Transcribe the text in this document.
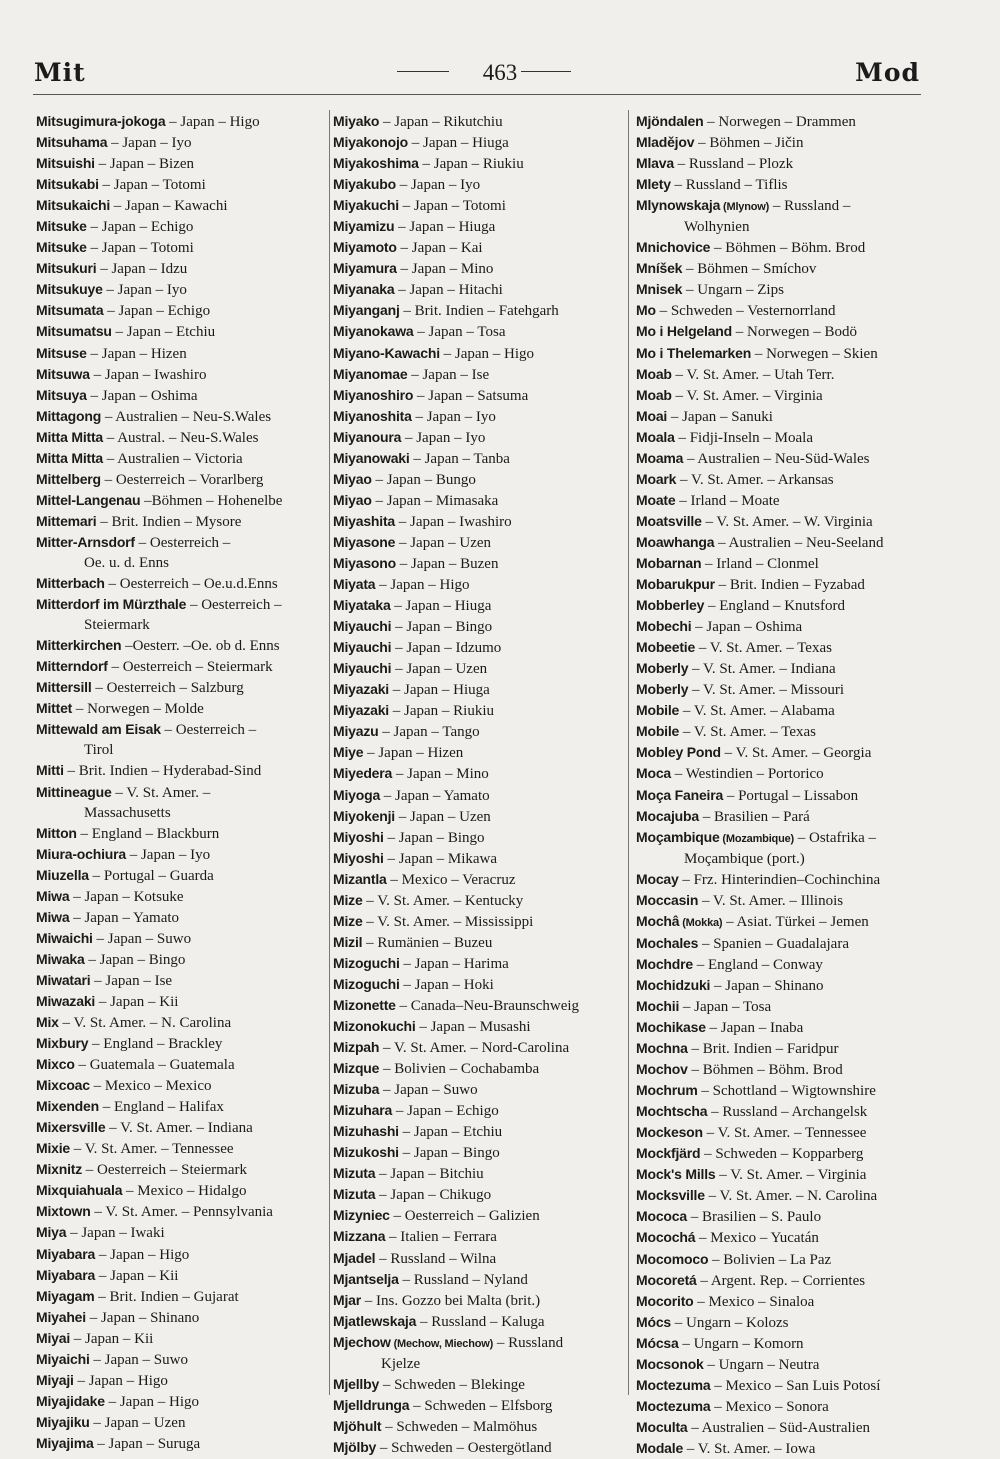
Mit	463	Mod
Mitsugimura-jokoga – Japan – Higo
Mitsuhama – Japan – Iyo
Mitsuishi – Japan – Bizen
Mitsukabi – Japan – Totomi
Mitsukaichi – Japan – Kawachi
Mitsuke – Japan – Echigo
Mitsuke – Japan – Totomi
Mitsukuri – Japan – Idzu
Mitsukuye – Japan – Iyo
Mitsumata – Japan – Echigo
Mitsumatsu – Japan – Etchiu
Mitsuse – Japan – Hizen
Mitsuwa – Japan – Iwashiro
Mitsuya – Japan – Oshima
Mittagong – Australien – Neu-S.Wales
Mitta Mitta – Austral. – Neu-S.Wales
Mitta Mitta – Australien – Victoria
Mittelberg – Oesterreich – Vorarlberg
Mittel-Langenau –Böhmen – Hohenelbe
Mittemari – Brit. Indien – Mysore
Mitter-Arnsdorf – Oesterreich –
Oe. u. d. Enns
Mitterbach – Oesterreich – Oe.u.d.Enns
Mitterdorf im Mürzthale – Oesterreich –
Steiermark
Mitterkirchen –Oesterr. –Oe. ob d. Enns
Mitterndorf – Oesterreich – Steiermark
Mittersill – Oesterreich – Salzburg
Mittet – Norwegen – Molde
Mittewald am Eisak – Oesterreich –
Tirol
Mitti – Brit. Indien – Hyderabad-Sind
Mittineague – V. St. Amer. –
Massachusetts
Mitton – England – Blackburn
Miura-ochiura – Japan – Iyo
Miuzella – Portugal – Guarda
Miwa – Japan – Kotsuke
Miwa – Japan – Yamato
Miwaichi – Japan – Suwo
Miwaka – Japan – Bingo
Miwatari – Japan – Ise
Miwazaki – Japan – Kii
Mix – V. St. Amer. – N. Carolina
Mixbury – England – Brackley
Mixco – Guatemala – Guatemala
Mixcoac – Mexico – Mexico
Mixenden – England – Halifax
Mixersville – V. St. Amer. – Indiana
Mixie – V. St. Amer. – Tennessee
Mixnitz – Oesterreich – Steiermark
Mixquiahuala – Mexico – Hidalgo
Mixtown – V. St. Amer. – Pennsylvania
Miya – Japan – Iwaki
Miyabara – Japan – Higo
Miyabara – Japan – Kii
Miyagam – Brit. Indien – Gujarat
Miyahei – Japan – Shinano
Miyai – Japan – Kii
Miyaichi – Japan – Suwo
Miyaji – Japan – Higo
Miyajidake – Japan – Higo
Miyajiku – Japan – Uzen
Miyajima – Japan – Suruga
Miyako – Japan – Rikutchiu
Miyakonojo – Japan – Hiuga
Miyakoshima – Japan – Riukiu
Miyakubo – Japan – Iyo
Miyakuchi – Japan – Totomi
Miyamizu – Japan – Hiuga
Miyamoto – Japan – Kai
Miyamura – Japan – Mino
Miyanaka – Japan – Hitachi
Miyanganj – Brit. Indien – Fatehgarh
Miyanokawa – Japan – Tosa
Miyano-Kawachi – Japan – Higo
Miyanomae – Japan – Ise
Miyanoshiro – Japan – Satsuma
Miyanoshita – Japan – Iyo
Miyanoura – Japan – Iyo
Miyanowaki – Japan – Tanba
Miyao – Japan – Bungo
Miyao – Japan – Mimasaka
Miyashita – Japan – Iwashiro
Miyasone – Japan – Uzen
Miyasono – Japan – Buzen
Miyata – Japan – Higo
Miyataka – Japan – Hiuga
Miyauchi – Japan – Bingo
Miyauchi – Japan – Idzumo
Miyauchi – Japan – Uzen
Miyazaki – Japan – Hiuga
Miyazaki – Japan – Riukiu
Miyazu – Japan – Tango
Miye – Japan – Hizen
Miyedera – Japan – Mino
Miyoga – Japan – Yamato
Miyokenji – Japan – Uzen
Miyoshi – Japan – Bingo
Miyoshi – Japan – Mikawa
Mizantla – Mexico – Veracruz
Mize – V. St. Amer. – Kentucky
Mize – V. St. Amer. – Mississippi
Mizil – Rumänien – Buzeu
Mizoguchi – Japan – Harima
Mizoguchi – Japan – Hoki
Mizonette – Canada–Neu-Braunschweig
Mizonokuchi – Japan – Musashi
Mizpah – V. St. Amer. – Nord-Carolina
Mizque – Bolivien – Cochabamba
Mizuba – Japan – Suwo
Mizuhara – Japan – Echigo
Mizuhashi – Japan – Etchiu
Mizukoshi – Japan – Bingo
Mizuta – Japan – Bitchiu
Mizuta – Japan – Chikugo
Mizyniec – Oesterreich – Galizien
Mizzana – Italien – Ferrara
Mjadel – Russland – Wilna
Mjantselja – Russland – Nyland
Mjar – Ins. Gozzo bei Malta (brit.)
Mjatlewskaja – Russland – Kaluga
Mjechow (Mechow, Miechow) – Russland
Kjelze
Mjellby – Schweden – Blekinge
Mjelldrunga – Schweden – Elfsborg
Mjöhult – Schweden – Malmöhus
Mjölby – Schweden – Oestergötland
Mjöndalen – Norwegen – Drammen
Mladějov – Böhmen – Jičin
Mlava – Russland – Plozk
Mlety – Russland – Tiflis
Mlynowskaja (Mlynow) – Russland –
Wolhynien
Mnichovice – Böhmen – Böhm. Brod
Mníšek – Böhmen – Smíchov
Mnisek – Ungarn – Zips
Mo – Schweden – Vesternorrland
Mo i Helgeland – Norwegen – Bodö
Mo i Thelemarken – Norwegen – Skien
Moab – V. St. Amer. – Utah Terr.
Moab – V. St. Amer. – Virginia
Moai – Japan – Sanuki
Moala – Fidji-Inseln – Moala
Moama – Australien – Neu-Süd-Wales
Moark – V. St. Amer. – Arkansas
Moate – Irland – Moate
Moatsville – V. St. Amer. – W. Virginia
Moawhanga – Australien – Neu-Seeland
Mobarnan – Irland – Clonmel
Mobarukpur – Brit. Indien – Fyzabad
Mobberley – England – Knutsford
Mobechi – Japan – Oshima
Mobeetie – V. St. Amer. – Texas
Moberly – V. St. Amer. – Indiana
Moberly – V. St. Amer. – Missouri
Mobile – V. St. Amer. – Alabama
Mobile – V. St. Amer. – Texas
Mobley Pond – V. St. Amer. – Georgia
Moca – Westindien – Portorico
Moça Faneira – Portugal – Lissabon
Mocajuba – Brasilien – Pará
Moçambique (Mozambique) – Ostafrika –
Moçambique (port.)
Mocay – Frz. Hinterindien–Cochinchina
Moccasin – V. St. Amer. – Illinois
Mochâ (Mokka) – Asiat. Türkei – Jemen
Mochales – Spanien – Guadalajara
Mochdre – England – Conway
Mochidzuki – Japan – Shinano
Mochii – Japan – Tosa
Mochikase – Japan – Inaba
Mochna – Brit. Indien – Faridpur
Mochov – Böhmen – Böhm. Brod
Mochrum – Schottland – Wigtownshire
Mochtscha – Russland – Archangelsk
Mockeson – V. St. Amer. – Tennessee
Mockfjärd – Schweden – Kopparberg
Mock's Mills – V. St. Amer. – Virginia
Mocksville – V. St. Amer. – N. Carolina
Mococa – Brasilien – S. Paulo
Mocochá – Mexico – Yucatán
Mocomoco – Bolivien – La Paz
Mocoretá – Argent. Rep. – Corrientes
Mocorito – Mexico – Sinaloa
Mócs – Ungarn – Kolozs
Mócsa – Ungarn – Komorn
Mocsonok – Ungarn – Neutra
Moctezuma – Mexico – San Luis Potosí
Moctezuma – Mexico – Sonora
Moculta – Australien – Süd-Australien
Modale – V. St. Amer. – Iowa
